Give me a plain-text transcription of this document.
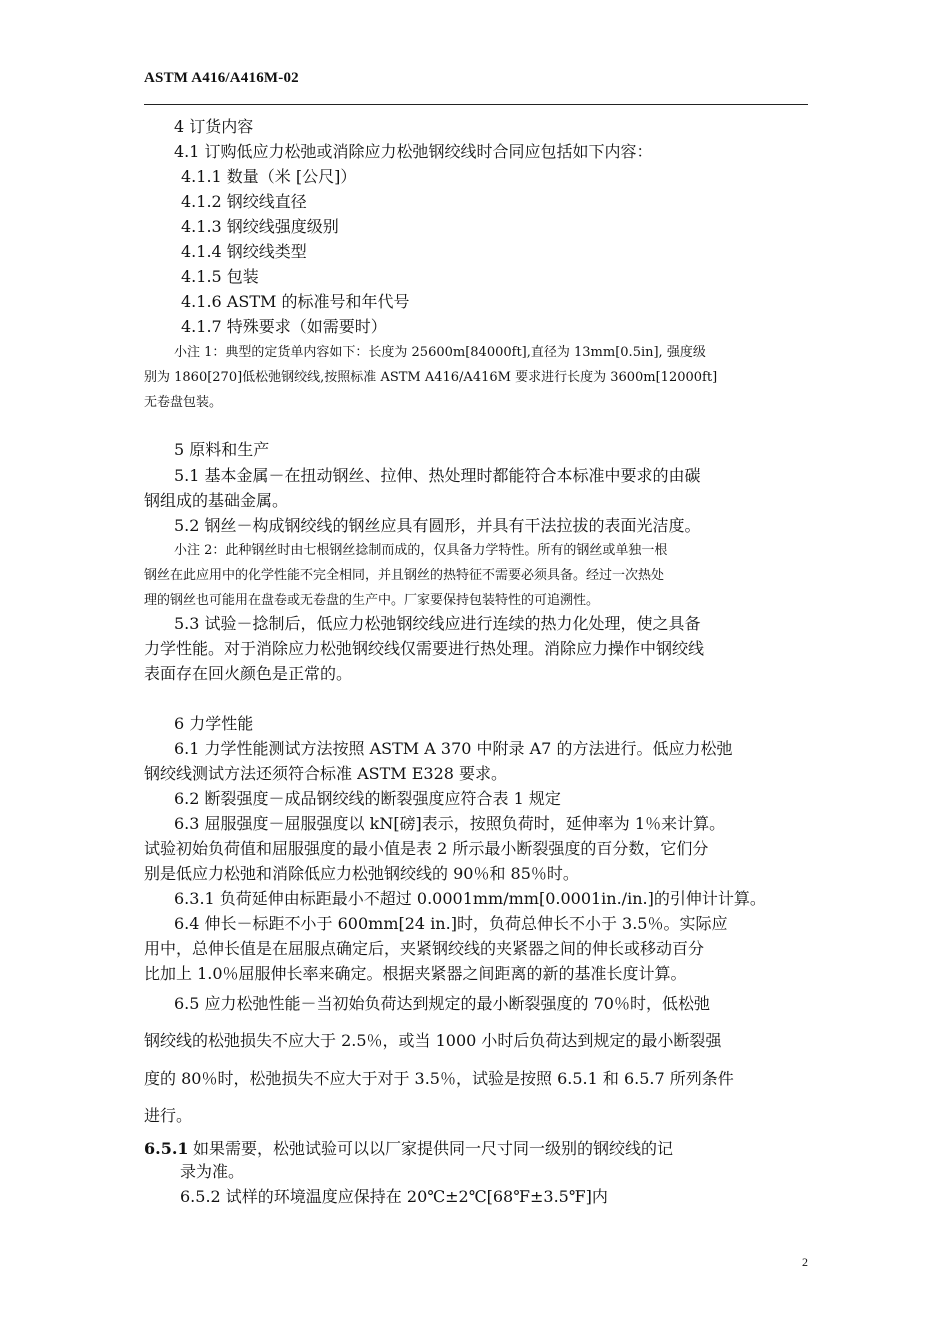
ASTM A416/A416M-02
4 订货内容
4.1 订购低应力松弛或消除应力松弛钢绞线时合同应包括如下内容：
4.1.1 数量（米 [公尺]）
4.1.2 钢绞线直径
4.1.3 钢绞线强度级别
4.1.4 钢绞线类型
4.1.5 包装
4.1.6 ASTM 的标准号和年代号
4.1.7 特殊要求（如需要时）
小注 1：典型的定货单内容如下：长度为 25600m[84000ft],直径为 13mm[0.5in], 强度级
别为 1860[270]低松弛钢绞线,按照标准 ASTM A416/A416M 要求进行长度为 3600m[12000ft]
无卷盘包装。
5 原料和生产
5.1 基本金属－在扭动钢丝、拉伸、热处理时都能符合本标准中要求的由碳
钢组成的基础金属。
5.2 钢丝－构成钢绞线的钢丝应具有圆形，并具有干法拉拔的表面光洁度。
小注 2：此种钢丝时由七根钢丝捻制而成的，仅具备力学特性。所有的钢丝或单独一根
钢丝在此应用中的化学性能不完全相同，并且钢丝的热特征不需要必须具备。经过一次热处
理的钢丝也可能用在盘卷或无卷盘的生产中。厂家要保持包装特性的可追溯性。
5.3 试验－捻制后，低应力松弛钢绞线应进行连续的热力化处理，使之具备
力学性能。对于消除应力松弛钢绞线仅需要进行热处理。消除应力操作中钢绞线
表面存在回火颜色是正常的。
6 力学性能
6.1 力学性能测试方法按照 ASTM A 370 中附录 A7 的方法进行。低应力松弛
钢绞线测试方法还须符合标准 ASTM E328 要求。
6.2 断裂强度－成品钢绞线的断裂强度应符合表 1 规定
6.3 屈服强度－屈服强度以 kN[磅]表示，按照负荷时，延伸率为 1％来计算。
试验初始负荷值和屈服强度的最小值是表 2 所示最小断裂强度的百分数，它们分
别是低应力松弛和消除低应力松弛钢绞线的 90％和 85％时。
6.3.1 负荷延伸由标距最小不超过 0.0001mm/mm[0.0001in./in.]的引伸计计算。
6.4 伸长－标距不小于 600mm[24 in.]时，负荷总伸长不小于 3.5％。实际应
用中，总伸长值是在屈服点确定后，夹紧钢绞线的夹紧器之间的伸长或移动百分
比加上 1.0％屈服伸长率来确定。根据夹紧器之间距离的新的基准长度计算。
6.5 应力松弛性能－当初始负荷达到规定的最小断裂强度的 70％时，低松弛
钢绞线的松弛损失不应大于 2.5％，或当 1000 小时后负荷达到规定的最小断裂强
度的 80％时，松弛损失不应大于对于 3.5％，试验是按照 6.5.1 和 6.5.7 所列条件
进行。
6.5.1 如果需要，松弛试验可以以厂家提供同一尺寸同一级别的钢绞线的记
录为准。
6.5.2 试样的环境温度应保持在 20℃±2℃[68℉±3.5℉]内
2
